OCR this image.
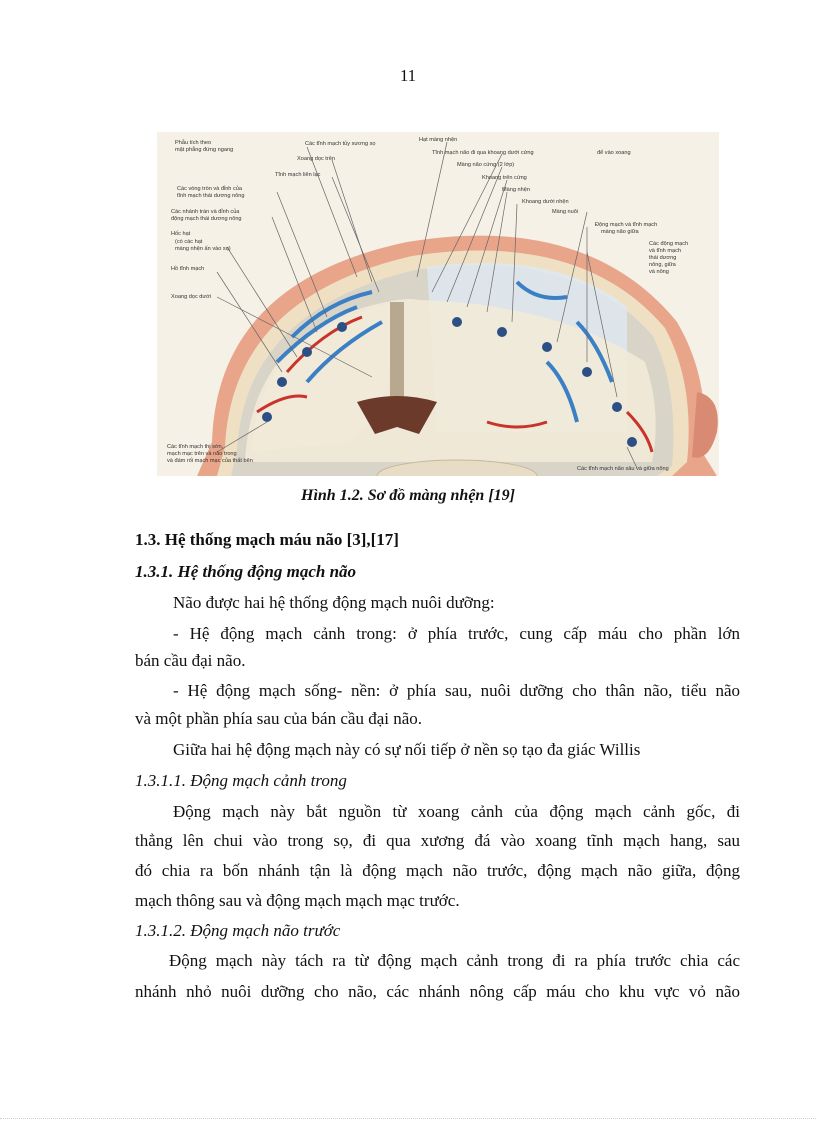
11
Phẫu tích theo
mặt phẳng đứng ngang
Các tĩnh mạch tủy xương sọ
Xoang dọc trên
Tĩnh mạch liên lạc
Các vòng tròn và đỉnh của
tĩnh mạch thái dương nông
Các nhánh trán và đỉnh của
động mạch thái dương nông
Hốc hạt
(có các hạt
màng nhện ấn vào sọ)
Hồ tĩnh mạch
Xoang dọc dưới
Các tĩnh mạch thị sớn,
mạch mạc trên và não trong
và đám rối mạch mạc của thất bên
Hạt màng nhện
Tĩnh mạch não đi qua khoang dưới cứng	để vào xoang
Màng não cứng (2 lớp)
Khoang trên cứng
Màng nhện
Khoang dưới nhện
Màng nuôi
Động mạch và tĩnh mạch
màng não giữa
Các động mạch
và tĩnh mạch
thái dương
nông, giữa
và nông
Các tĩnh mạch não sâu và giữa nông
Hình 1.2. Sơ đồ màng nhện [19]

1.3. Hệ thống mạch máu não [3],[17]

1.3.1. Hệ thống động mạch não

Não được hai hệ thống động mạch nuôi dưỡng:

- Hệ động mạch cảnh trong: ở phía trước, cung cấp máu cho phần lớn

bán cầu đại não.

- Hệ động mạch sống- nền: ở phía sau, nuôi dưỡng cho thân não, tiểu não

và một phần phía sau của bán cầu đại não.

Giữa hai hệ động mạch này có sự nối tiếp ở nền sọ tạo đa giác Willis

1.3.1.1. Động mạch cảnh trong

Động mạch này bắt nguồn từ xoang cảnh của động mạch cảnh gốc, đi

thẳng lên chui vào trong sọ, đi qua xương đá vào xoang tĩnh mạch hang, sau

đó chia ra bốn nhánh tận là động mạch não trước, động mạch não giữa, động

mạch thông sau và động mạch mạch mạc trước.

1.3.1.2. Động mạch não trước

Động mạch này tách ra từ động mạch cảnh trong đi ra phía trước chia các

nhánh nhỏ nuôi dưỡng cho não, các nhánh nông cấp máu cho khu vực vỏ não
